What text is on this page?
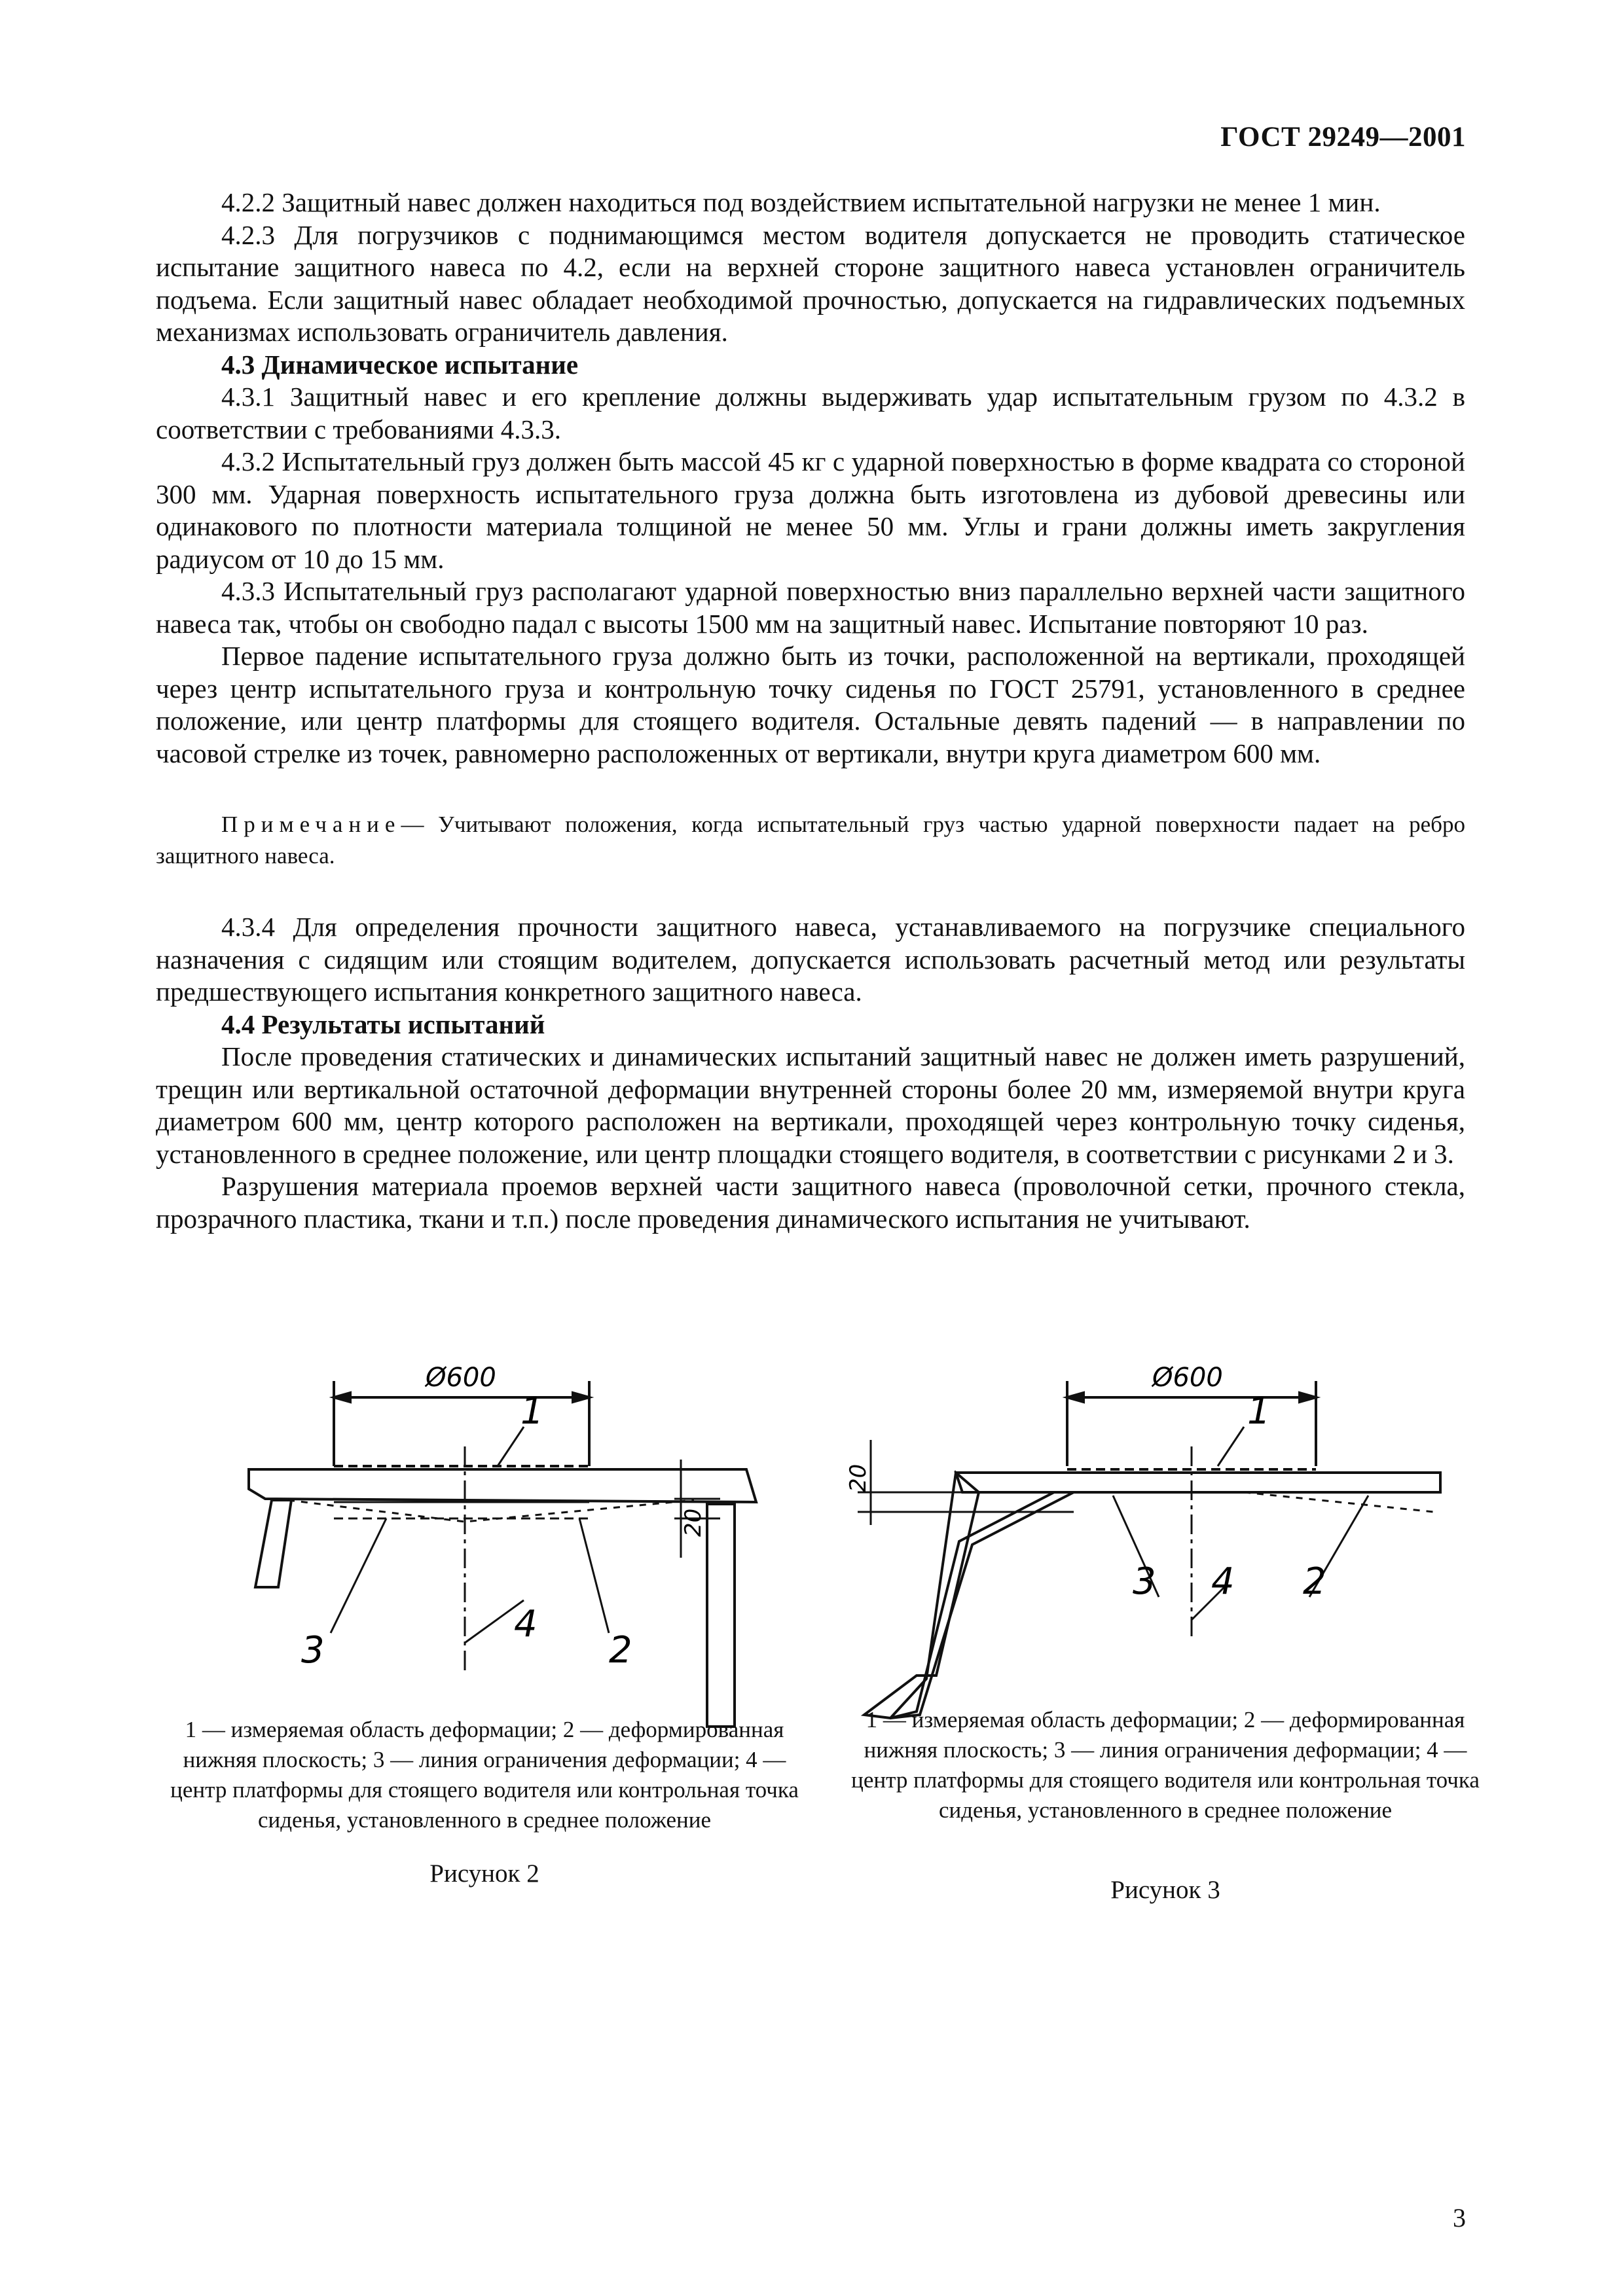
ГОСТ 29249—2001

4.2.2 Защитный навес должен находиться под воздействием испытательной нагрузки не менее 1 мин.

4.2.3 Для погрузчиков с поднимающимся местом водителя допускается не проводить статическое испытание защитного навеса по 4.2, если на верхней стороне защитного навеса установлен ограничитель подъема. Если защитный навес обладает необходимой прочностью, допускается на гидравлических подъемных механизмах использовать ограничитель давления.

4.3 Динамическое испытание

4.3.1 Защитный навес и его крепление должны выдерживать удар испытательным грузом по 4.3.2 в соответствии с требованиями 4.3.3.

4.3.2 Испытательный груз должен быть массой 45 кг с ударной поверхностью в форме квадрата со стороной 300 мм. Ударная поверхность испытательного груза должна быть изготовлена из дубовой древесины или одинакового по плотности материала толщиной не менее 50 мм. Углы и грани должны иметь закругления радиусом от 10 до 15 мм.

4.3.3 Испытательный груз располагают ударной поверхностью вниз параллельно верхней части защитного навеса так, чтобы он свободно падал с высоты 1500 мм на защитный навес. Испытание повторяют 10 раз.

Первое падение испытательного груза должно быть из точки, расположенной на вертикали, проходящей через центр испытательного груза и контрольную точку сиденья по ГОСТ 25791, установленного в среднее положение, или центр платформы для стоящего водителя. Остальные девять падений — в направлении по часовой стрелке из точек, равномерно расположенных от вертикали, внутри круга диаметром 600 мм.

Примечание— Учитывают положения, когда испытательный груз частью ударной поверхности падает на ребро защитного навеса.

4.3.4 Для определения прочности защитного навеса, устанавливаемого на погрузчике специального назначения с сидящим или стоящим водителем, допускается использовать расчетный метод или результаты предшествующего испытания конкретного защитного навеса.

4.4 Результаты испытаний

После проведения статических и динамических испытаний защитный навес не должен иметь разрушений, трещин или вертикальной остаточной деформации внутренней стороны более 20 мм, измеряемой внутри круга диаметром 600 мм, центр которого расположен на вертикали, проходящей через контрольную точку сиденья, установленного в среднее положение, или центр площадки стоящего водителя, в соответствии с рисунками 2 и 3.

Разрушения материала проемов верхней части защитного навеса (проволочной сетки, прочного стекла, прозрачного пластика, ткани и т.п.) после проведения динамического испытания не учитывают.

Ø600
1
3
4
2
20
1 — измеряемая область деформации; 2 — деформированная нижняя плоскость; 3 — линия ограничения деформации; 4 — центр платформы для стоящего водителя или контрольная точка сиденья, установленного в среднее положение
Рисунок 2
Ø600
1
3 4 2
20
1 — измеряемая область деформации; 2 — деформированная нижняя плоскость; 3 — линия ограничения деформации; 4 — центр платформы для стоящего водителя или контрольная точка сиденья, установленного в среднее положение
Рисунок 3
3
